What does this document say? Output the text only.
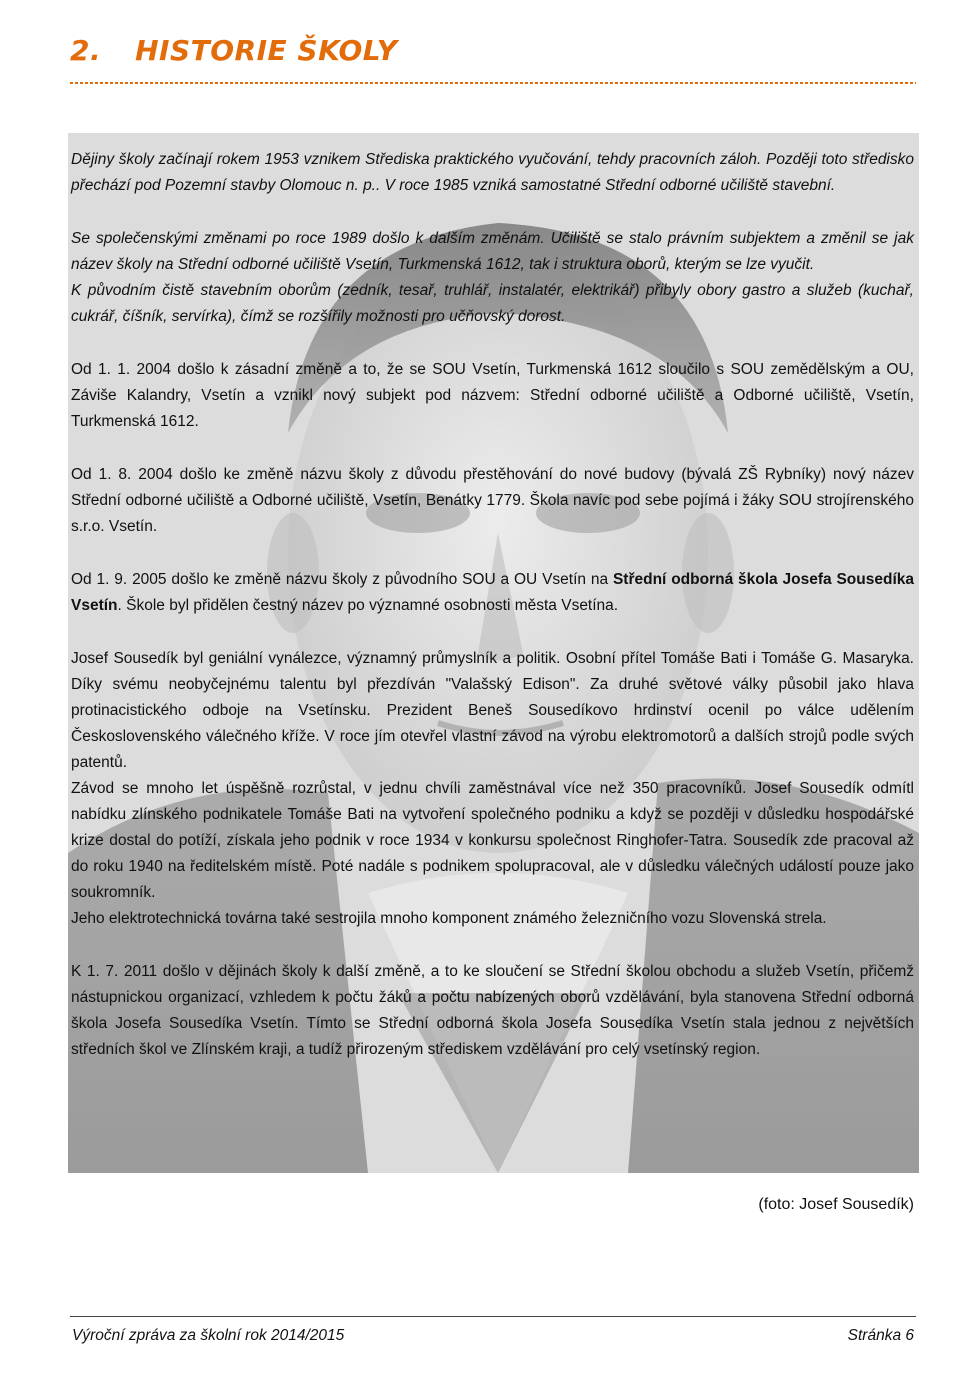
2. HISTORIE ŠKOLY

Dějiny školy začínají rokem 1953 vznikem Střediska praktického vyučování, tehdy pracovních záloh. Později toto středisko přechází pod Pozemní stavby Olomouc n. p.. V roce 1985 vzniká samostatné Střední odborné učiliště stavební.

Se společenskými změnami po roce 1989 došlo k dalším změnám. Učiliště se stalo právním subjektem a změnil se jak název školy na Střední odborné učiliště Vsetín, Turkmenská 1612, tak i struktura oborů, kterým se lze vyučit.

K původním čistě stavebním oborům (zedník, tesař, truhlář, instalatér, elektrikář) přibyly obory gastro a služeb (kuchař, cukrář, číšník, servírka), čímž se rozšířily možnosti pro učňovský dorost.

Od 1. 1. 2004 došlo k zásadní změně a to, že se SOU Vsetín, Turkmenská 1612 sloučilo s SOU zemědělským a OU, Záviše Kalandry, Vsetín a vznikl nový subjekt pod názvem: Střední odborné učiliště a Odborné učiliště, Vsetín, Turkmenská 1612.

Od 1. 8. 2004 došlo ke změně názvu školy z důvodu přestěhování do nové budovy (bývalá ZŠ Rybníky) nový název Střední odborné učiliště a Odborné učiliště, Vsetín, Benátky 1779. Škola navíc pod sebe pojímá i žáky SOU strojírenského s.r.o. Vsetín.

Od 1. 9. 2005 došlo ke změně názvu školy z původního SOU a OU Vsetín na Střední odborná škola Josefa Sousedíka Vsetín. Škole byl přidělen čestný název po významné osobnosti města Vsetína.

Josef Sousedík byl geniální vynálezce, významný průmyslník a politik. Osobní přítel Tomáše Bati i Tomáše G. Masaryka. Díky svému neobyčejnému talentu byl přezdíván "Valašský Edison". Za druhé světové války působil jako hlava protinacistického odboje na Vsetínsku. Prezident Beneš Sousedíkovo hrdinství ocenil po válce udělením Československého válečného kříže. V roce jím otevřel vlastní závod na výrobu elektromotorů a dalších strojů podle svých patentů.

Závod se mnoho let úspěšně rozrůstal, v jednu chvíli zaměstnával více než 350 pracovníků. Josef Sousedík odmítl nabídku zlínského podnikatele Tomáše Bati na vytvoření společného podniku a když se později v důsledku hospodářské krize dostal do potíží, získala jeho podnik v roce 1934 v konkursu společnost Ringhofer-Tatra. Sousedík zde pracoval až do roku 1940 na ředitelském místě. Poté nadále s podnikem spolupracoval, ale v důsledku válečných událostí pouze jako soukromník.

Jeho elektrotechnická továrna také sestrojila mnoho komponent známého železničního vozu Slovenská strela.

K 1. 7. 2011 došlo v dějinách školy k další změně, a to ke sloučení se Střední školou obchodu a služeb Vsetín, přičemž nástupnickou organizací, vzhledem k počtu žáků a počtu nabízených oborů vzdělávání, byla stanovena Střední odborná škola Josefa Sousedíka Vsetín. Tímto se Střední odborná škola Josefa Sousedíka Vsetín stala jednou z největších středních škol ve Zlínském kraji, a tudíž přirozeným střediskem vzdělávání pro celý vsetínský region.

(foto: Josef Sousedík)

Výroční zpráva za školní rok 2014/2015	Stránka 6
